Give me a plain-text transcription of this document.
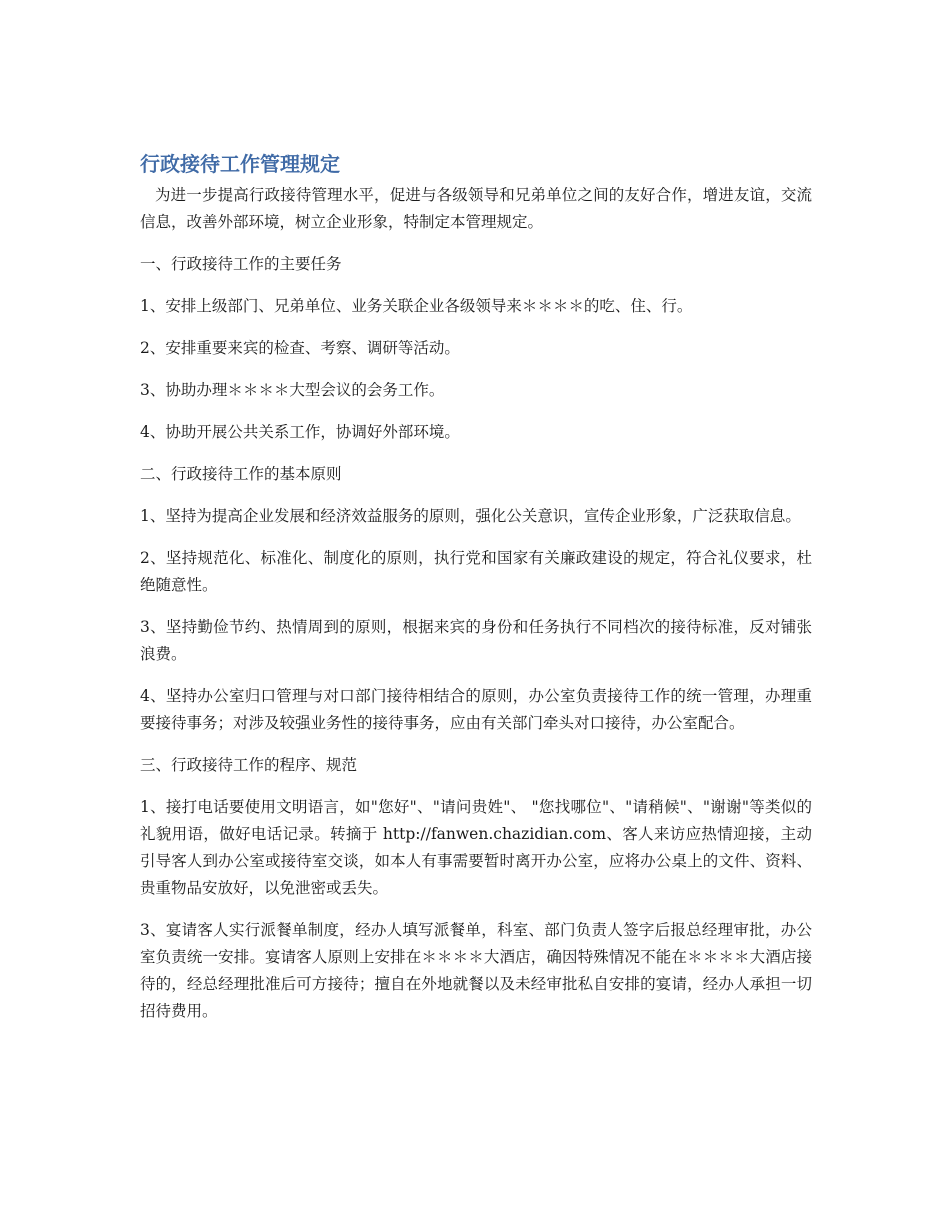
行政接待工作管理规定

为进一步提高行政接待管理水平，促进与各级领导和兄弟单位之间的友好合作，增进友谊，交流信息，改善外部环境，树立企业形象，特制定本管理规定。

一、行政接待工作的主要任务

1、安排上级部门、兄弟单位、业务关联企业各级领导来＊＊＊＊的吃、住、行。

2、安排重要来宾的检查、考察、调研等活动。

3、协助办理＊＊＊＊大型会议的会务工作。

4、协助开展公共关系工作，协调好外部环境。

二、行政接待工作的基本原则

1、坚持为提高企业发展和经济效益服务的原则，强化公关意识，宣传企业形象，广泛获取信息。

2、坚持规范化、标准化、制度化的原则，执行党和国家有关廉政建设的规定，符合礼仪要求，杜绝随意性。

3、坚持勤俭节约、热情周到的原则，根据来宾的身份和任务执行不同档次的接待标准，反对铺张浪费。

4、坚持办公室归口管理与对口部门接待相结合的原则，办公室负责接待工作的统一管理，办理重要接待事务；对涉及较强业务性的接待事务，应由有关部门牵头对口接待，办公室配合。

三、行政接待工作的程序、规范

1、接打电话要使用文明语言，如"您好"、"请问贵姓"、 "您找哪位"、"请稍候"、"谢谢"等类似的礼貌用语，做好电话记录。转摘于 http://fanwen.chazidian.com、客人来访应热情迎接，主动引导客人到办公室或接待室交谈，如本人有事需要暂时离开办公室，应将办公桌上的文件、资料、贵重物品安放好，以免泄密或丢失。

3、宴请客人实行派餐单制度，经办人填写派餐单，科室、部门负责人签字后报总经理审批，办公室负责统一安排。宴请客人原则上安排在＊＊＊＊大酒店，确因特殊情况不能在＊＊＊＊大酒店接待的，经总经理批准后可方接待；擅自在外地就餐以及未经审批私自安排的宴请，经办人承担一切招待费用。
